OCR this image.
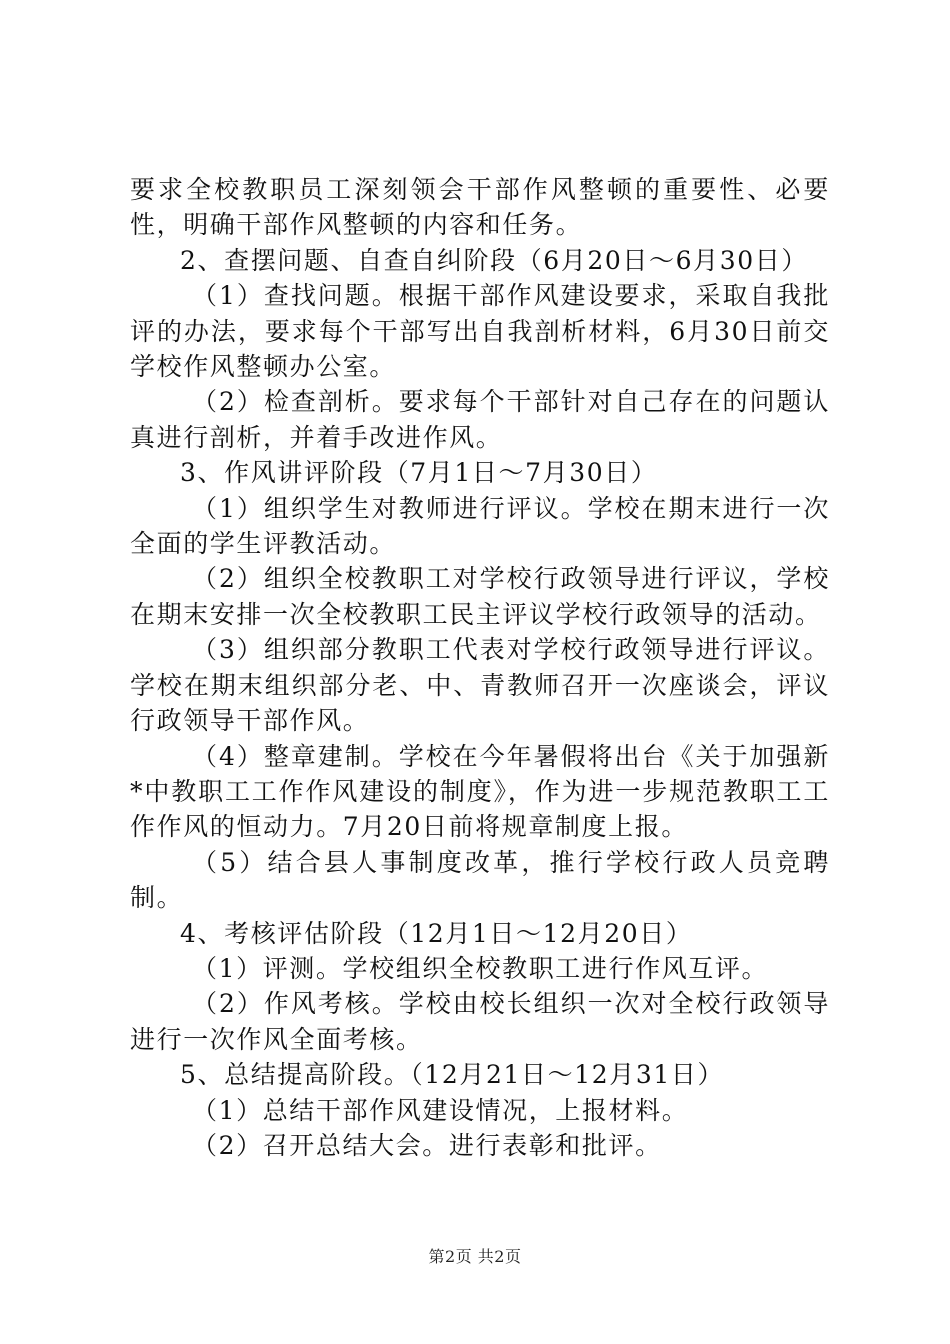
要求全校教职员工深刻领会干部作风整顿的重要性、必要性，明确干部作风整顿的内容和任务。

2、查摆问题、自查自纠阶段（6月20日～6月30日）

（1）查找问题。根据干部作风建设要求，采取自我批评的办法，要求每个干部写出自我剖析材料，6月30日前交学校作风整顿办公室。

（2）检查剖析。要求每个干部针对自己存在的问题认真进行剖析，并着手改进作风。

3、作风讲评阶段（7月1日～7月30日）

（1）组织学生对教师进行评议。学校在期末进行一次全面的学生评教活动。

（2）组织全校教职工对学校行政领导进行评议，学校在期末安排一次全校教职工民主评议学校行政领导的活动。

（3）组织部分教职工代表对学校行政领导进行评议。学校在期末组织部分老、中、青教师召开一次座谈会，评议行政领导干部作风。

（4）整章建制。学校在今年暑假将出台《关于加强新*中教职工工作作风建设的制度》，作为进一步规范教职工工作作风的恒动力。7月20日前将规章制度上报。

（5）结合县人事制度改革，推行学校行政人员竞聘制。

4、考核评估阶段（12月1日～12月20日）

（1）评测。学校组织全校教职工进行作风互评。

（2）作风考核。学校由校长组织一次对全校行政领导进行一次作风全面考核。

5、总结提高阶段。（12月21日～12月31日）

（1）总结干部作风建设情况，上报材料。

（2）召开总结大会。进行表彰和批评。

第2页 共2页
